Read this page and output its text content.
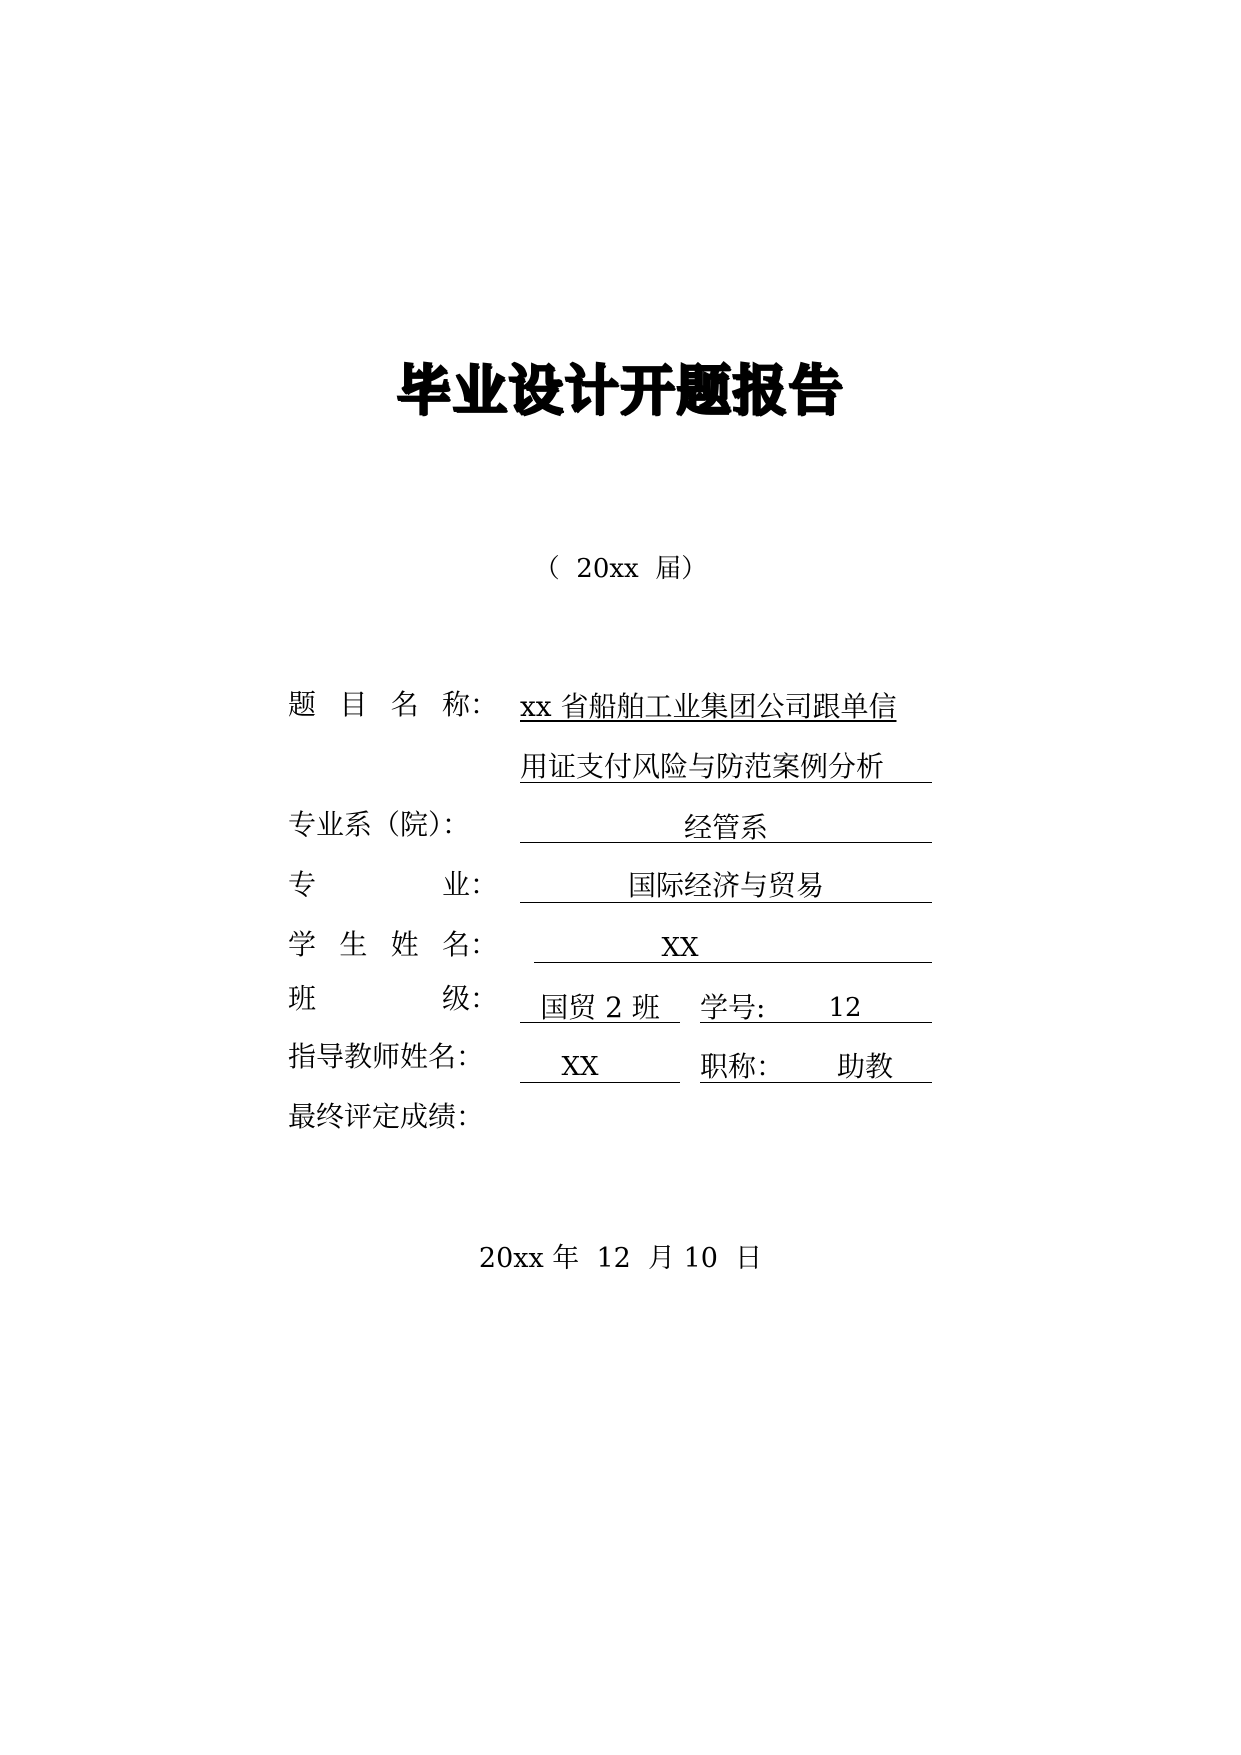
毕业设计开题报告
（  20xx  届）
题 目 名 称 ： xx 省船舶工业集团公司跟单信
用证支付风险与防范案例分析
专业系（院）：	经管系
专	业 ：	国际经济与贸易
学 生 姓 名 ：	XX
班	级 ：	国贸 2 班	学号:	12
指导教师姓名：	XX	职称：	助教
最终评定成绩：
20xx 年  12  月 10  日
